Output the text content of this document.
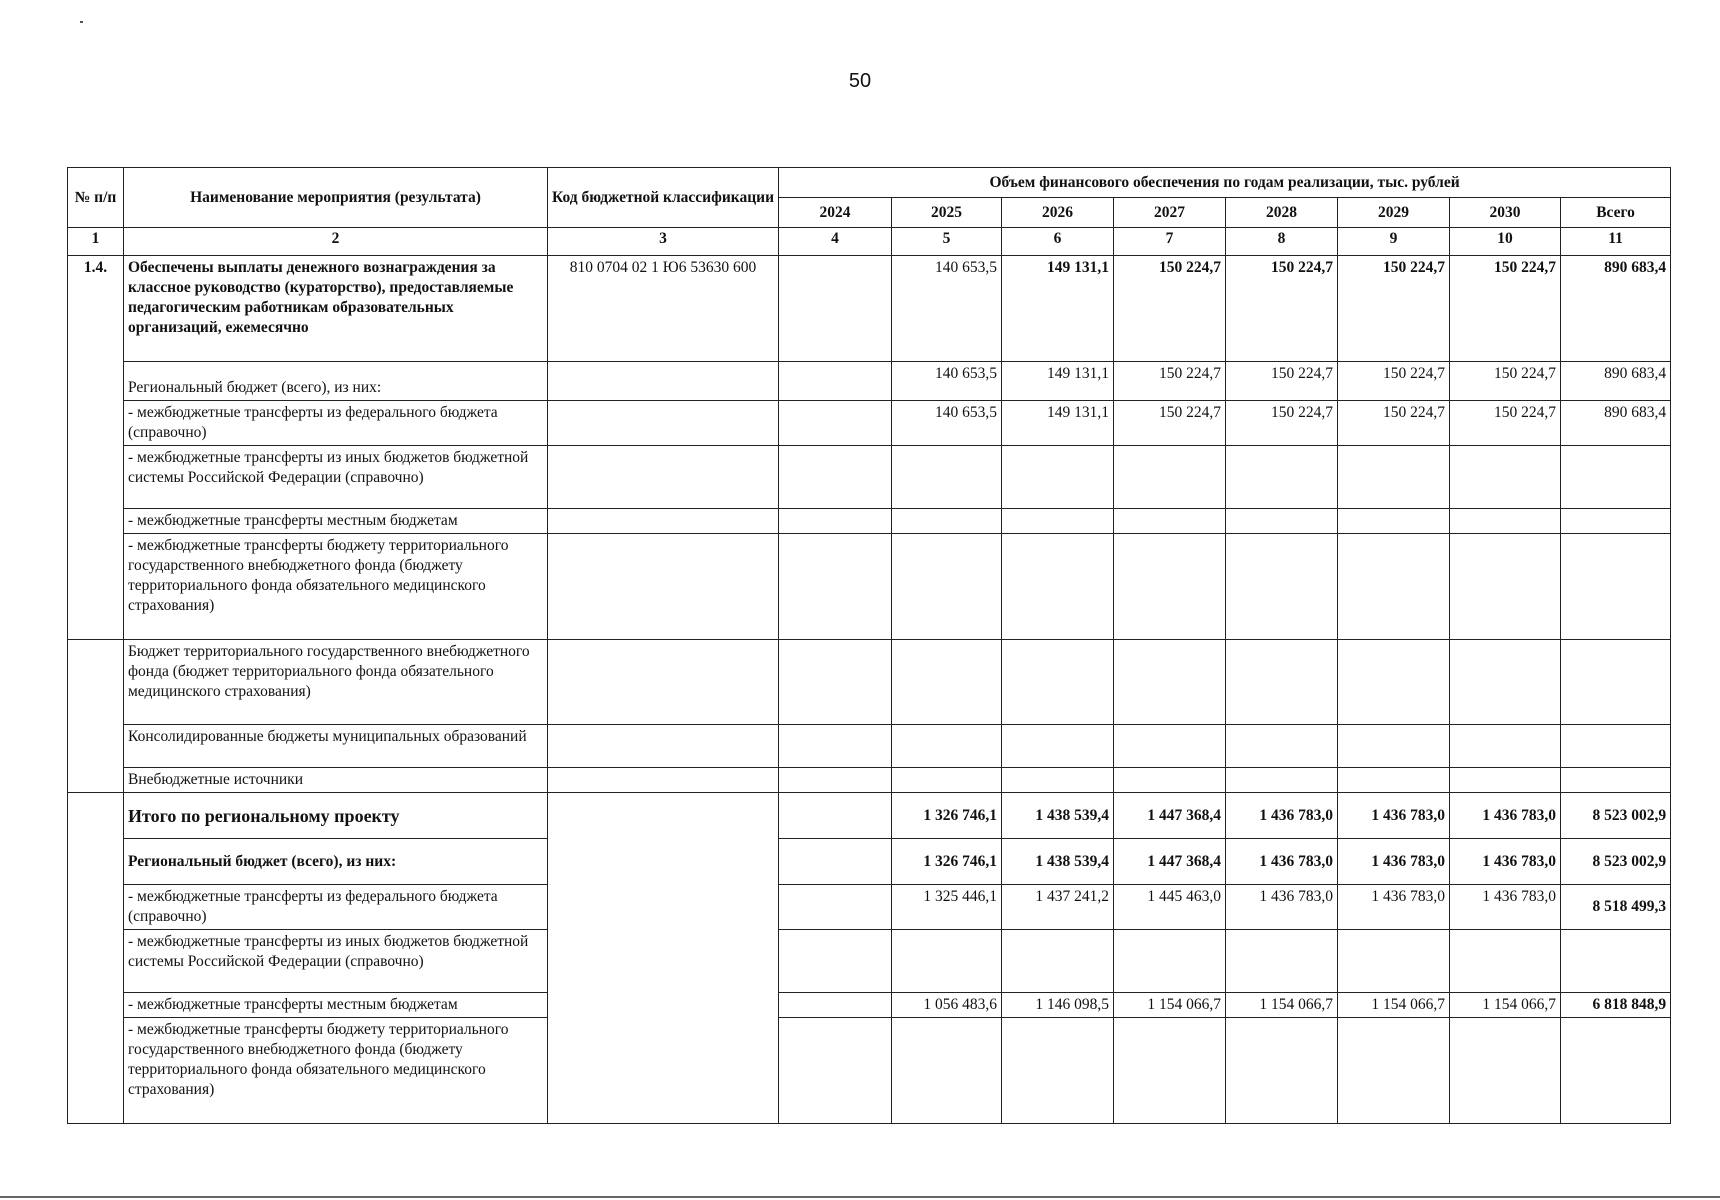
50
№ п/п	Наименование мероприятия (результата)	Код бюджетной классификации	Объем финансового обеспечения по годам реализации, тыс. рублей							
			2024	2025	2026	2027	2028	2029	2030	Всего
1	2	3	4	5	6	7	8	9	10	11
1.4.	Обеспечены выплаты денежного вознаграждения за классное руководство (кураторство), предоставляемые педагогическим работникам образовательных организаций, ежемесячно	810 0704 02 1 Ю6 53630 600		140 653,5	149 131,1	150 224,7	150 224,7	150 224,7	150 224,7	890 683,4
	Региональный бюджет (всего), из них:			140 653,5	149 131,1	150 224,7	150 224,7	150 224,7	150 224,7	890 683,4
	- межбюджетные трансферты из федерального бюджета (справочно)			140 653,5	149 131,1	150 224,7	150 224,7	150 224,7	150 224,7	890 683,4
	- межбюджетные трансферты из иных бюджетов бюджетной системы Российской Федерации (справочно)									
	- межбюджетные трансферты местным бюджетам									
	- межбюджетные трансферты бюджету территориального государственного внебюджетного фонда (бюджету территориального фонда обязательного медицинского страхования)									
	Бюджет территориального государственного внебюджетного фонда (бюджет территориального фонда обязательного медицинского страхования)									
	Консолидированные бюджеты муниципальных образований									
	Внебюджетные источники									
	Итого по региональному проекту			1 326 746,1	1 438 539,4	1 447 368,4	1 436 783,0	1 436 783,0	1 436 783,0	8 523 002,9
	Региональный бюджет (всего), из них:			1 326 746,1	1 438 539,4	1 447 368,4	1 436 783,0	1 436 783,0	1 436 783,0	8 523 002,9
	- межбюджетные трансферты из федерального бюджета (справочно)			1 325 446,1	1 437 241,2	1 445 463,0	1 436 783,0	1 436 783,0	1 436 783,0	8 518 499,3
	- межбюджетные трансферты из иных бюджетов бюджетной системы Российской Федерации (справочно)									
	- межбюджетные трансферты местным бюджетам			1 056 483,6	1 146 098,5	1 154 066,7	1 154 066,7	1 154 066,7	1 154 066,7	6 818 848,9
	- межбюджетные трансферты бюджету территориального государственного внебюджетного фонда (бюджету территориального фонда обязательного медицинского страхования)									
